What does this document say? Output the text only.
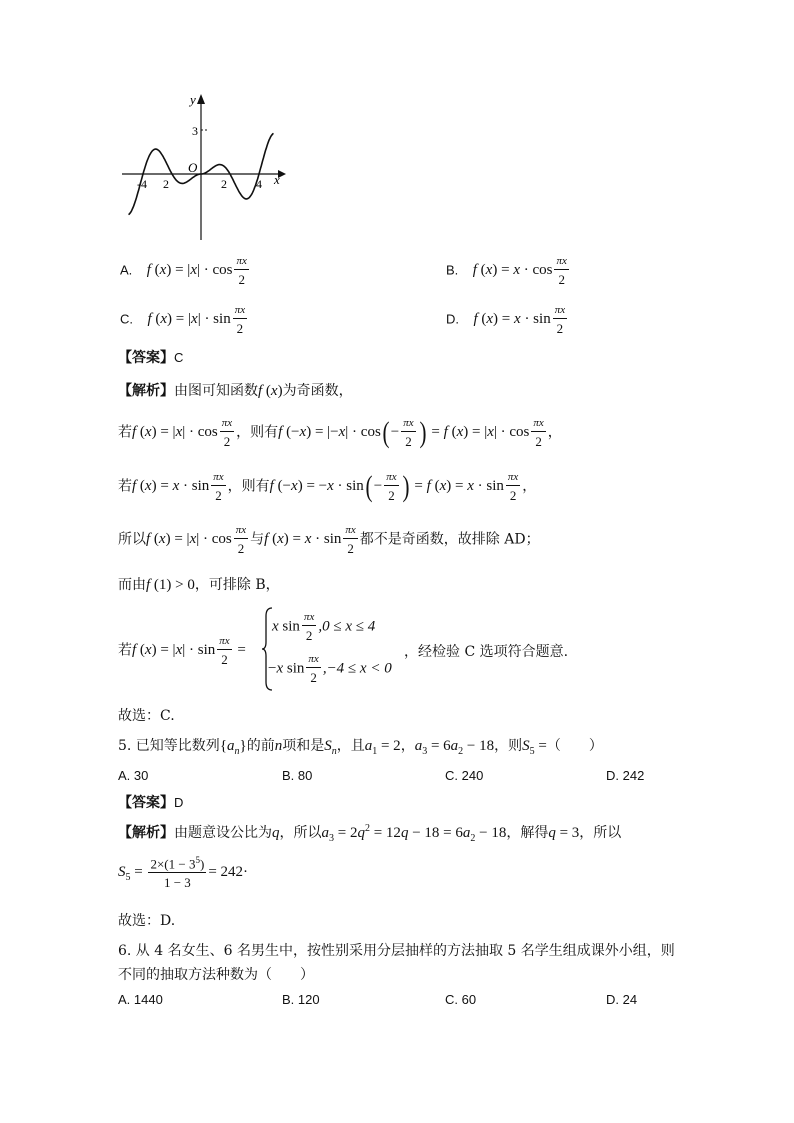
y
x
O
3
-4 2	2 4
A. f $(x) = |x| \cdot \cos \frac{\pi x}{2}$	B. f $(x) = x \cdot \cos \frac{\pi x}{2}$
C. f $(x) = |x| \cdot \sin \frac{\pi x}{2}$	D. f $(x) = x \cdot \sin \frac{\pi x}{2}$
【答案】C
【解析】由图可知函数f (x)为奇函数，
若f $(x) = |x| \cdot \cos \frac{\pi x}{2}$ ，则有f $(-x) = |-x| \cdot \cos( - \frac{\pi x}{2}$ ) = f $(x) = |x| \cdot \cos \frac{\pi x}{2}$ ，
若f $(x) = x \cdot \sin \frac{\pi x}{2}$ ，则有f $(-x) = -x \cdot \sin( - \frac{\pi x}{2}$ ) = f $(x) = x \cdot \sin \frac{\pi x}{2}$ ，
所以f $(x) = |x| \cdot \cos \frac{\pi x}{2}$ 与f $(x) = x \cdot \sin \frac{\pi x}{2}$ 都不是奇函数，故排除 AD；
而由f (1) > 0，可排除 B，
若f $(x) = |x| \cdot \sin \frac{\pi x}{2}$ =
x $\sin \frac{\pi x}{2} ,0 \le x \le 4$
−x $\sin \frac{\pi x}{2} ,-4 \le x < 0$
，经检验 C 选项符合题意.
故选：C.
5. 已知等比数列$\{a_n\}$的前n项和是$S_n$，且$a_1 = 2$，$a_3 = 6a_2 - 18$，则$S_5$ =（　　）
A. 30	B. 80	C. 240	D. 242
【答案】D
【解析】由题意设公比为q，所以$a_3 = 2q^2 = 12q - 18 = 6a_2 - 18$，解得q = 3，所以
$S_5 = \frac{2\times(1 - 3^5)}{1 - 3} = 242\cdot$
故选：D.
6. 从 4 名女生、6 名男生中，按性别采用分层抽样的方法抽取 5 名学生组成课外小组，则
不同的抽取方法种数为（　　）
A. 1440	B. 120	C. 60	D. 24
